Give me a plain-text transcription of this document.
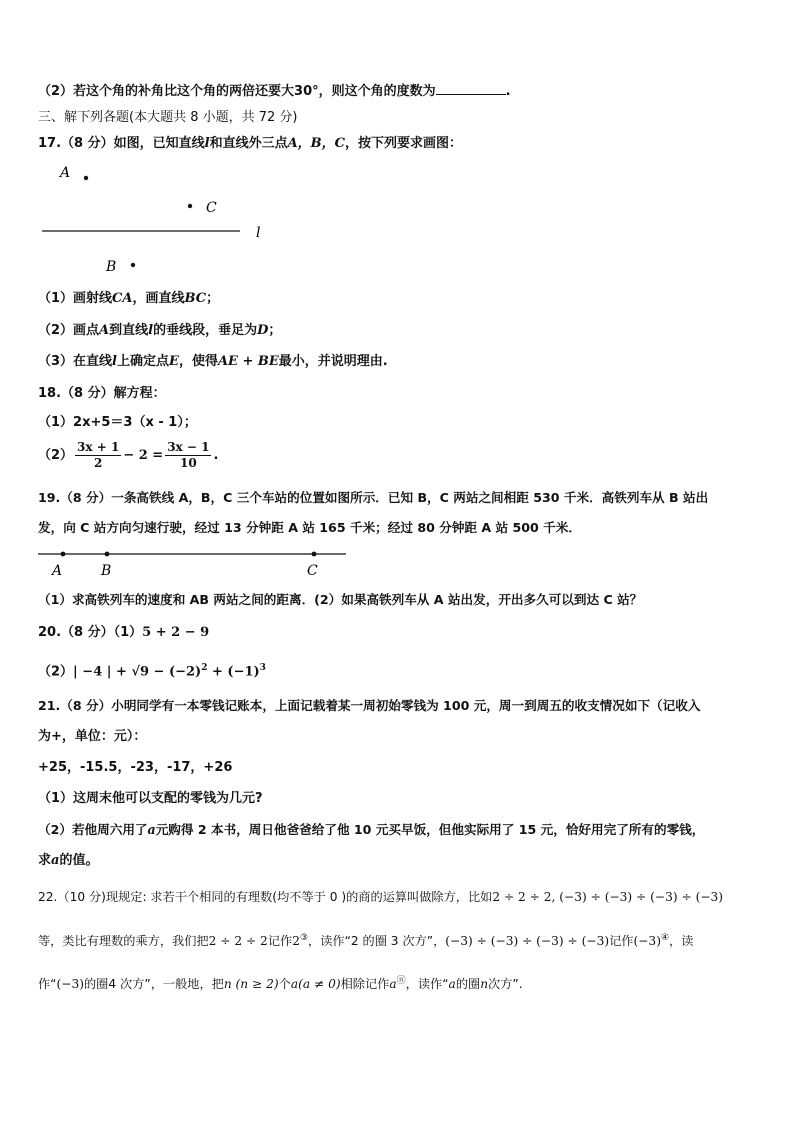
（2）若这个角的补角比这个角的两倍还要大30°，则这个角的度数为	.
三、解下列各题(本大题共 8 小题，共 72 分)
17.（8 分）如图，已知直线l和直线外三点A，B，C，按下列要求画图：
A
C
l
B
（1）画射线CA，画直线BC；
（2）画点A到直线l的垂线段，垂足为D；
（3）在直线l上确定点E，使得AE + BE最小，并说明理由.
18.（8 分）解方程：
（1）2x+5＝3（x - 1）；
$(2) \frac{3x + 1}{2} - 2 = \frac{3x - 1}{10}$ .
19.（8 分）一条高铁线 A，B，C 三个车站的位置如图所示．已知 B，C 两站之间相距 530 千米．高铁列车从 B 站出
发，向 C 站方向匀速行驶，经过 13 分钟距 A 站 165 千米；经过 80 分钟距 A 站 500 千米．
A	B	C
（1）求高铁列车的速度和 AB 两站之间的距离．(2）如果高铁列车从 A 站出发，开出多久可以到达 C 站？
20.（8 分）（1）5 + 2 − 9
（2）| −4 | + $√9 - (-2)^2 + (-1)^3$
21.（8 分）小明同学有一本零钱记账本，上面记载着某一周初始零钱为 100 元，周一到周五的收支情况如下（记收入
为+，单位：元）：
+25，-15.5，-23，-17，+26
（1）这周末他可以支配的零钱为几元?
（2）若他周六用了a元购得 2 本书，周日他爸爸给了他 10 元买早饭，但他实际用了 15 元，恰好用完了所有的零钱，
求a的值。
22.（10 分)现规定: 求若干个相同的有理数(均不等于 0 )的商的运算叫做除方，比如2 ÷ 2 ÷ 2, (−3) ÷ (−3) ÷ (−3) ÷ (−3)
等，类比有理数的乘方，我们把2 ÷ 2 ÷ 2记作2③，读作“2 的圈 3 次方”，(−3) ÷ (−3) ÷ (−3) ÷ (−3)记作(−3)④，读
作“(−3)的圈4 次方”，一般地，把n (n ≥ 2)个a(a ≠ 0)相除记作aⓝ，读作“a的圈n次方”.
